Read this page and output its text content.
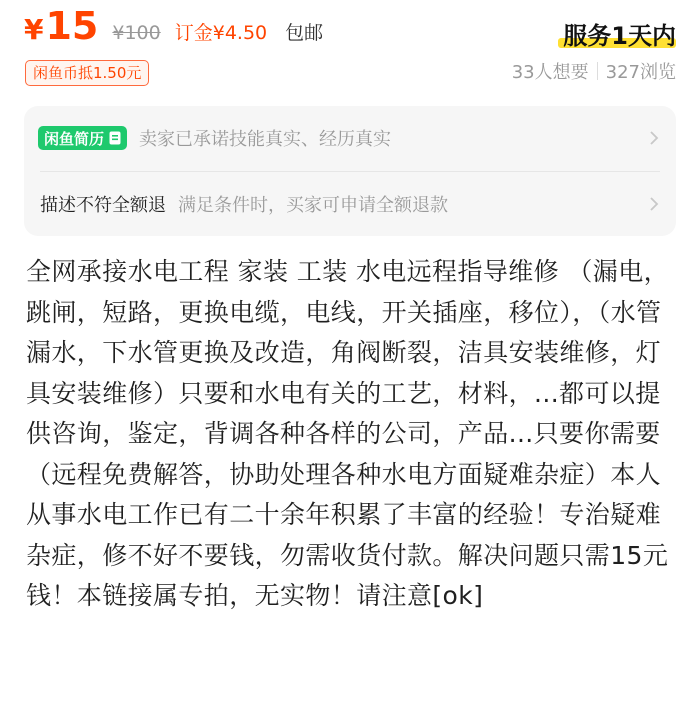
¥ 15 ¥100 订金¥4.50 包邮	服务1天内
闲鱼币抵1.50元	33人想要 327浏览
闲鱼简历 卖家已承诺技能真实、经历真实
描述不符全额退 满足条件时，买家可申请全额退款
全网承接水电工程 家装 工装 水电远程指导维修 （漏电，跳闸，短路，更换电缆，电线，开关插座，移位），（水管漏水，下水管更换及改造，角阀断裂，洁具安装维修，灯具安装维修）只要和水电有关的工艺，材料，...都可以提供咨询，鉴定，背调各种各样的公司，产品...只要你需要（远程免费解答，协助处理各种水电方面疑难杂症）本人从事水电工作已有二十余年积累了丰富的经验！专治疑难杂症，修不好不要钱，勿需收货付款。解决问题只需15元钱！本链接属专拍，无实物！请注意[ok]
